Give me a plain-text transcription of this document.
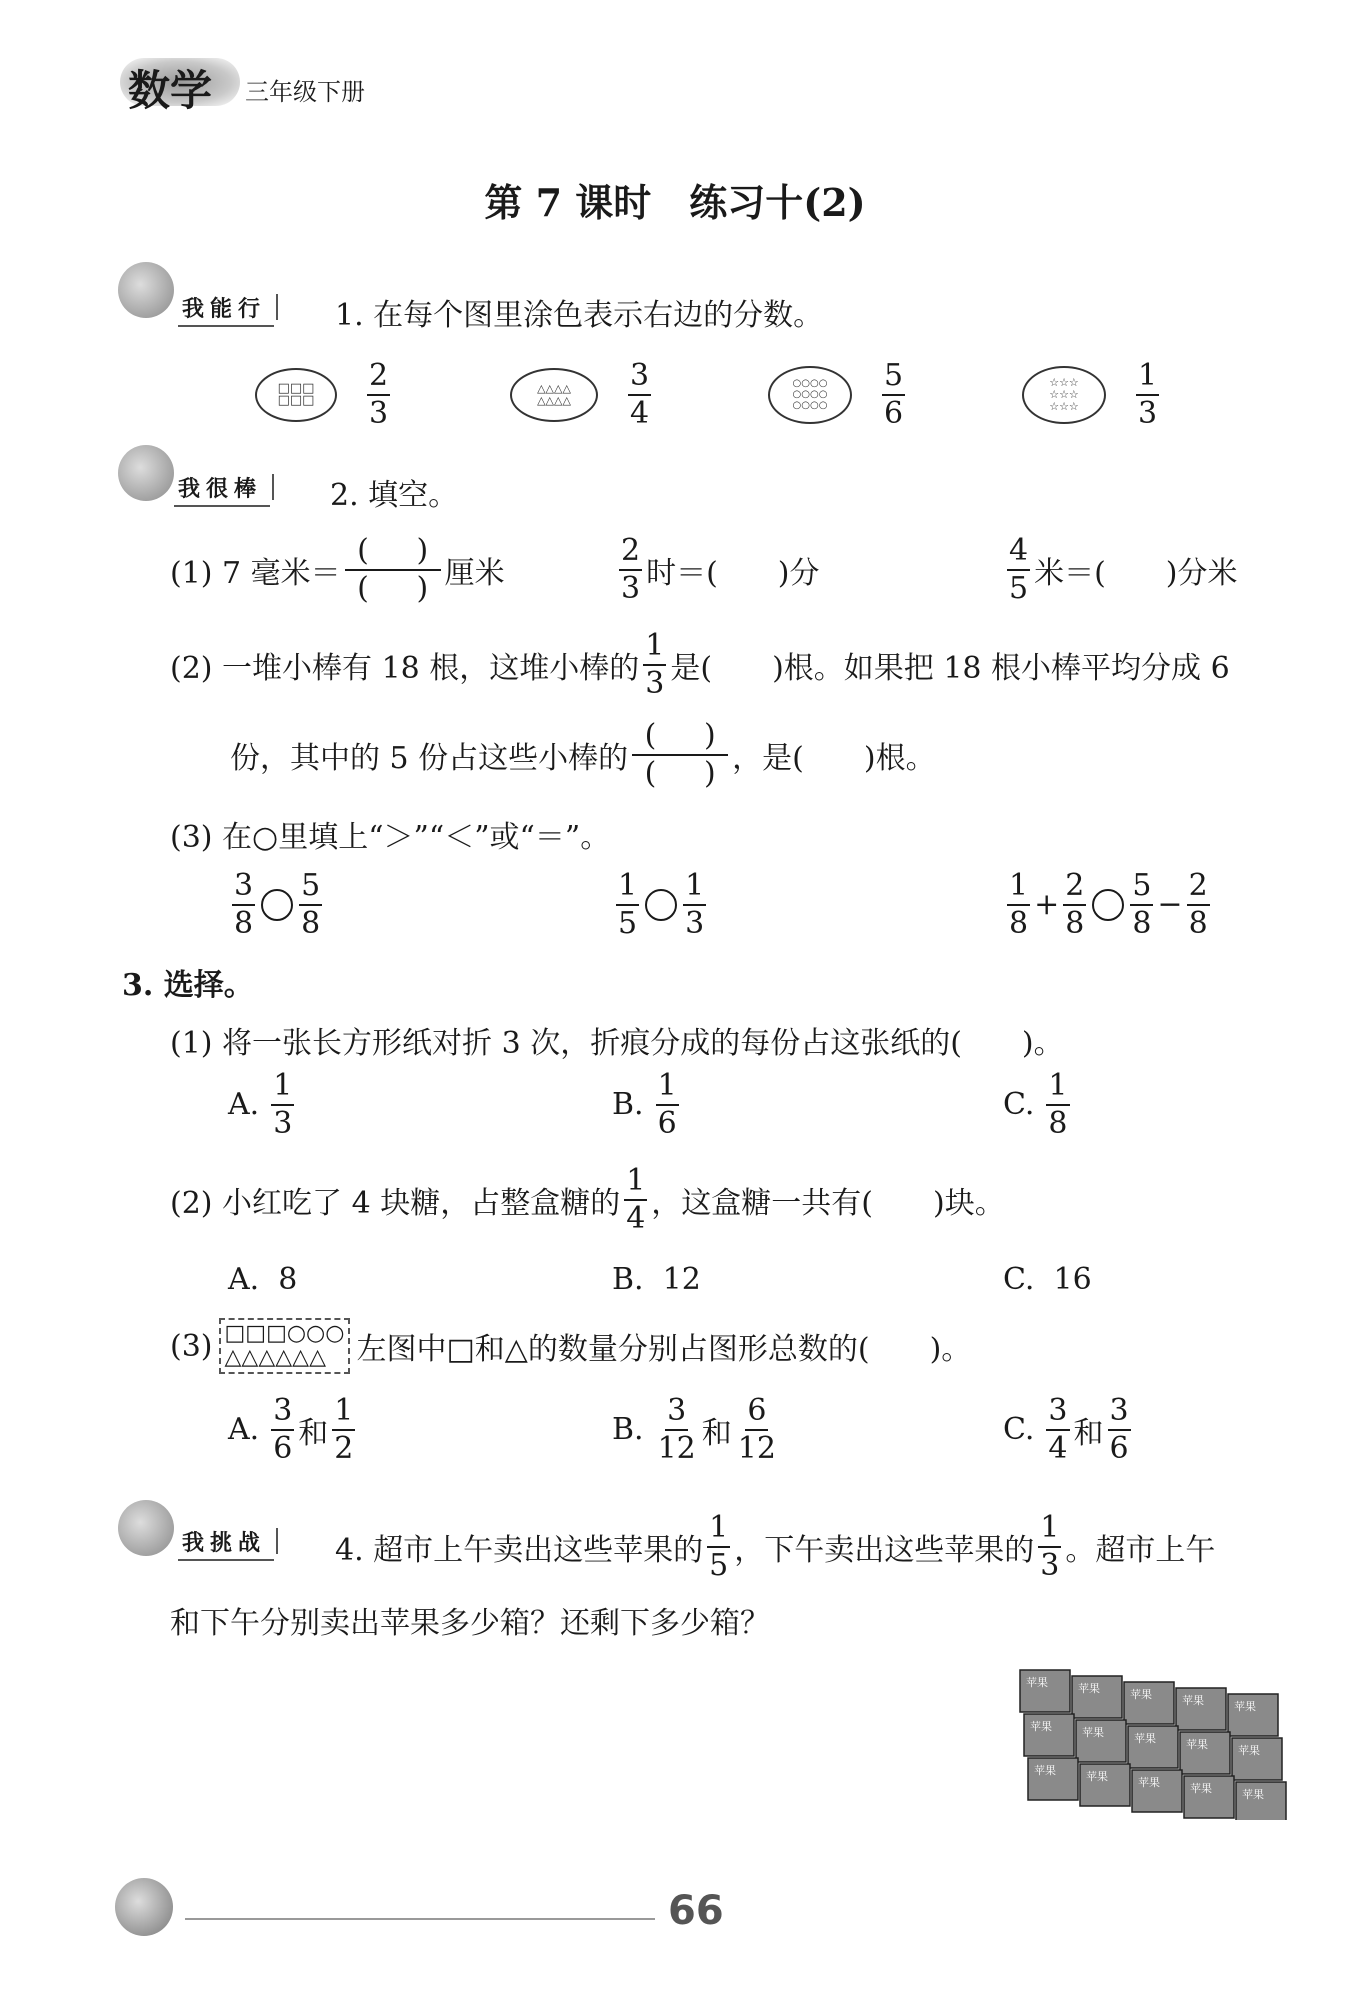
数学 三年级下册
第 7 课时　练习十(2)
我能行 1. 在每个图里涂色表示右边的分数。
□□□
□□□	$\frac{2}{3}$	△△△△
△△△△	$\frac{3}{4}$	○○○○
○○○○
○○○○	$\frac{5}{6}$	☆☆☆
☆☆☆
☆☆☆	$\frac{1}{3}$
我很棒 2. 填空。
(1) 7 毫米＝ $\frac{( )}{( )}$ 厘米	$\frac{2}{3}$ 时＝(　　)分	$\frac{4}{5}$ 米＝(　　)分米
(2) 一堆小棒有 18 根，这堆小棒的 $\frac{1}{3}$ 是(　　)根。如果把 18 根小棒平均分成 6
份，其中的 5 份占这些小棒的 $\frac{( )}{( )}$ ，是(　　)根。
(3) 在○里填上“＞”“＜”或“＝”。
$\frac{3}{8} \frac{5}{8}$	$\frac{1}{5} \frac{1}{3}$	$\frac{1}{8} + \frac{2}{8} \frac{5}{8} - \frac{2}{8}$
3. 选择。
(1) 将一张长方形纸对折 3 次，折痕分成的每份占这张纸的(　　)。
A. $\frac{1}{3}$	B. $\frac{1}{6}$	C. $\frac{1}{8}$
(2) 小红吃了 4 块糖，占整盒糖的 $\frac{1}{4}$ ，这盒糖一共有(　　)块。
A.  8	B.  12	C.  16
(3) □□□○○○
△△△△△△	左图中□和△的数量分别占图形总数的(　　)。
A. $\frac{3}{6}$ 和 $\frac{1}{2}$	B. $\frac{3}{12}$ 和 $\frac{6}{12}$	C. $\frac{3}{4}$ 和 $\frac{3}{6}$
我挑战 4. 超市上午卖出这些苹果的 $\frac{1}{5}$ ，下午卖出这些苹果的 $\frac{1}{3}$ 。超市上午
和下午分别卖出苹果多少箱？还剩下多少箱？
苹果	苹果	苹果	苹果	苹果
苹果	苹果	苹果	苹果	苹果
苹果	苹果	苹果	苹果	苹果
66
